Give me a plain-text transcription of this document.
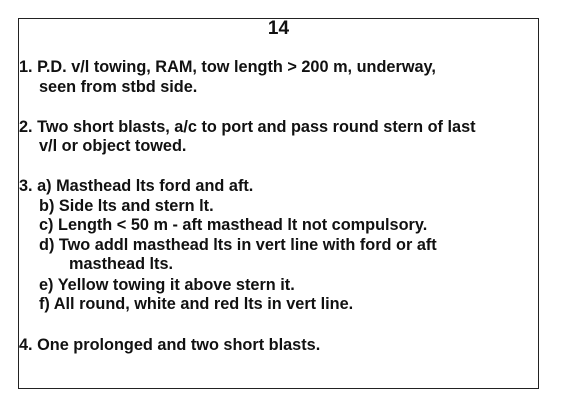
14
1. P.D. v/l towing, RAM, tow length > 200 m, underway,
seen from stbd side.
2. Two short blasts, a/c to port and pass round stern of last
v/l or object towed.
3. a) Masthead lts ford and aft.
b) Side lts and stern lt.
c) Length < 50 m - aft masthead lt not compulsory.
d) Two addl masthead lts in vert line with ford or aft
masthead lts.
e) Yellow towing it above stern it.
f) All round, white and red lts in vert line.
4. One prolonged and two short blasts.
